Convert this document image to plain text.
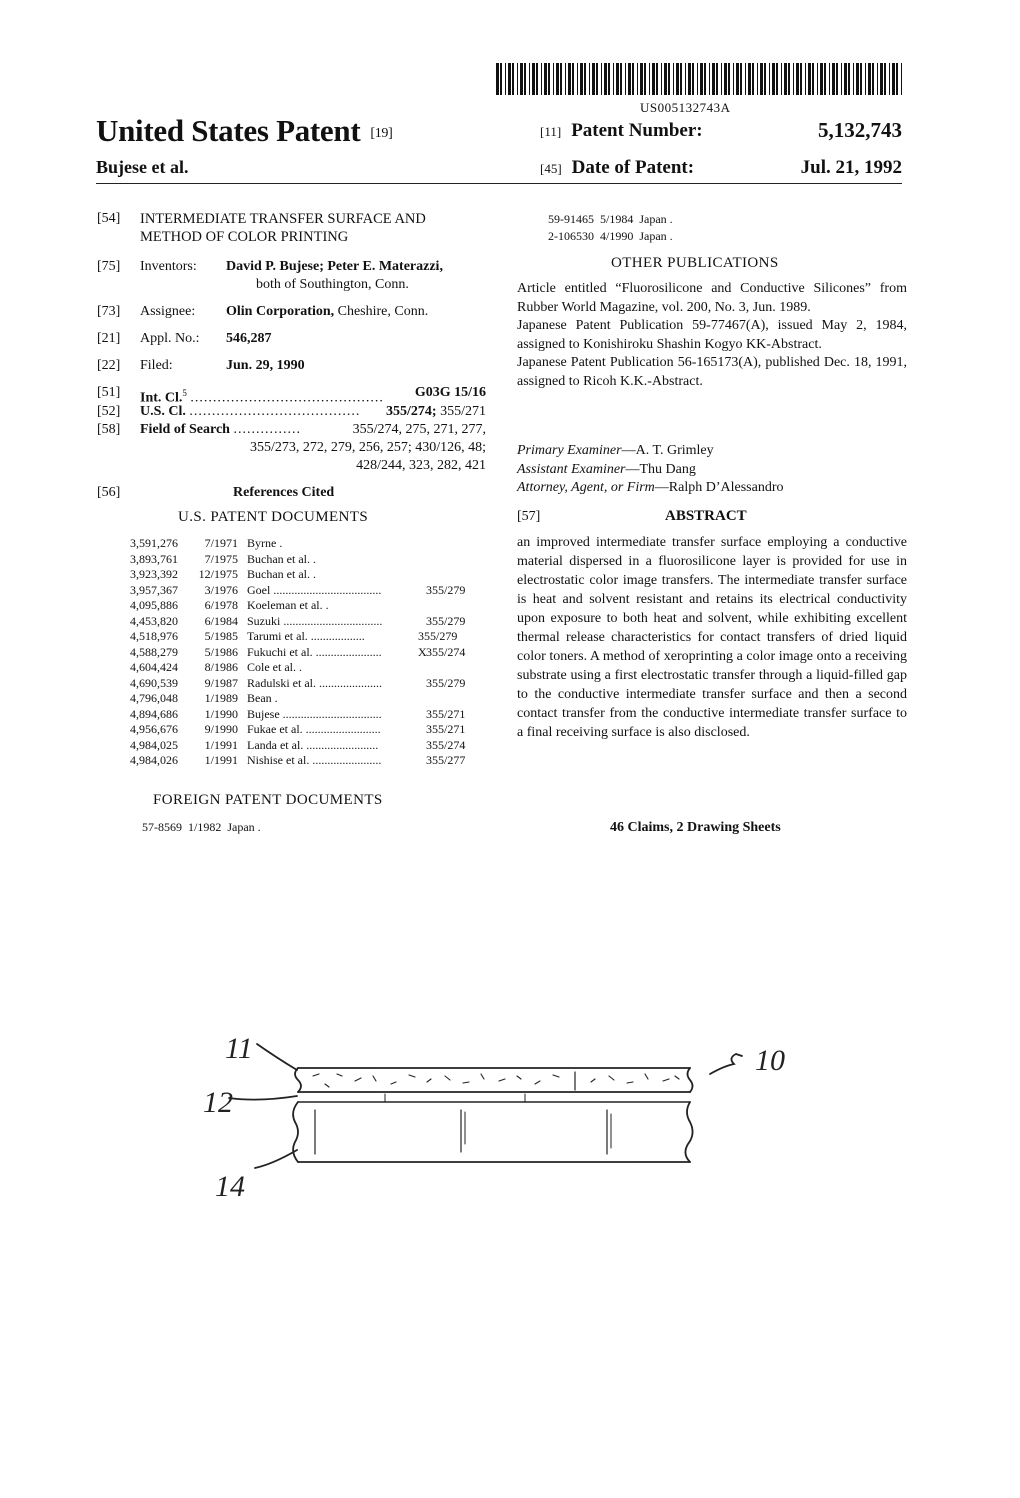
US005132743A
United States Patent [19]
Bujese et al.
[11] Patent Number:	5,132,743
[45] Date of Patent:	Jul. 21, 1992
[54] INTERMEDIATE TRANSFER SURFACE AND
METHOD OF COLOR PRINTING
[75] Inventors: David P. Bujese; Peter E. Materazzi,
both of Southington, Conn.
[73] Assignee: Olin Corporation, Cheshire, Conn.
[21] Appl. No.: 546,287
[22] Filed:	Jun. 29, 1990
[51] Int. Cl.$^5$ ........................................... G03G 15/16
[52] U.S. Cl. ...................................... 355/274; 355/271
[58] Field of Search ...............	355/274, 275, 271, 277,
355/273, 272, 279, 256, 257; 430/126, 48;
428/244, 323, 282, 421
[56]	References Cited
U.S. PATENT DOCUMENTS
3,591,276	7/1971 Byrne .
3,893,761	7/1975 Buchan et al. .
3,923,392	12/1975 Buchan et al. .
3,957,367	3/1976 Goel ....................................	355/279
4,095,886	6/1978 Koeleman et al. .
4,453,820	6/1984 Suzuki .................................	355/279
4,518,976	5/1985 Tarumi et al. ..................	355/279 X
4,588,279	5/1986 Fukuchi et al. ......................	355/274
4,604,424	8/1986 Cole et al. .
4,690,539	9/1987 Radulski et al. .....................	355/279
4,796,048	1/1989 Bean .
4,894,686	1/1990 Bujese .................................	355/271
4,956,676	9/1990 Fukae et al. .........................	355/271
4,984,025	1/1991 Landa et al. ........................	355/274
4,984,026	1/1991 Nishise et al. .......................	355/277
FOREIGN PATENT DOCUMENTS
57-8569 1/1982 Japan .
59-91465 5/1984 Japan .
2-106530 4/1990 Japan .
OTHER PUBLICATIONS
Article entitled “Fluorosilicone and Conductive Silicones” from Rubber World Magazine, vol. 200, No. 3, Jun. 1989.
Japanese Patent Publication 59-77467(A), issued May 2, 1984, assigned to Konishiroku Shashin Kogyo KK-Abstract.
Japanese Patent Publication 56-165173(A), published Dec. 18, 1991, assigned to Ricoh K.K.-Abstract.
Primary Examiner—A. T. Grimley
Assistant Examiner—Thu Dang
Attorney, Agent, or Firm—Ralph D’Alessandro
[57]	ABSTRACT
an improved intermediate transfer surface employing a conductive material dispersed in a fluorosilicone layer is provided for use in electrostatic color image transfers. The intermediate transfer surface is heat and solvent resistant and retains its electrical conductivity upon exposure to both heat and solvent, while exhibiting excellent thermal release characteristics for contact transfers of dried liquid color toners. A method of xeroprinting a color image onto a receiving substrate using a first electrostatic transfer through a liquid-filled gap to the conductive intermediate transfer surface and then a second contact transfer from the conductive intermediate transfer surface to a final receiving surface is also disclosed.
46 Claims, 2 Drawing Sheets
11
12
14
10
